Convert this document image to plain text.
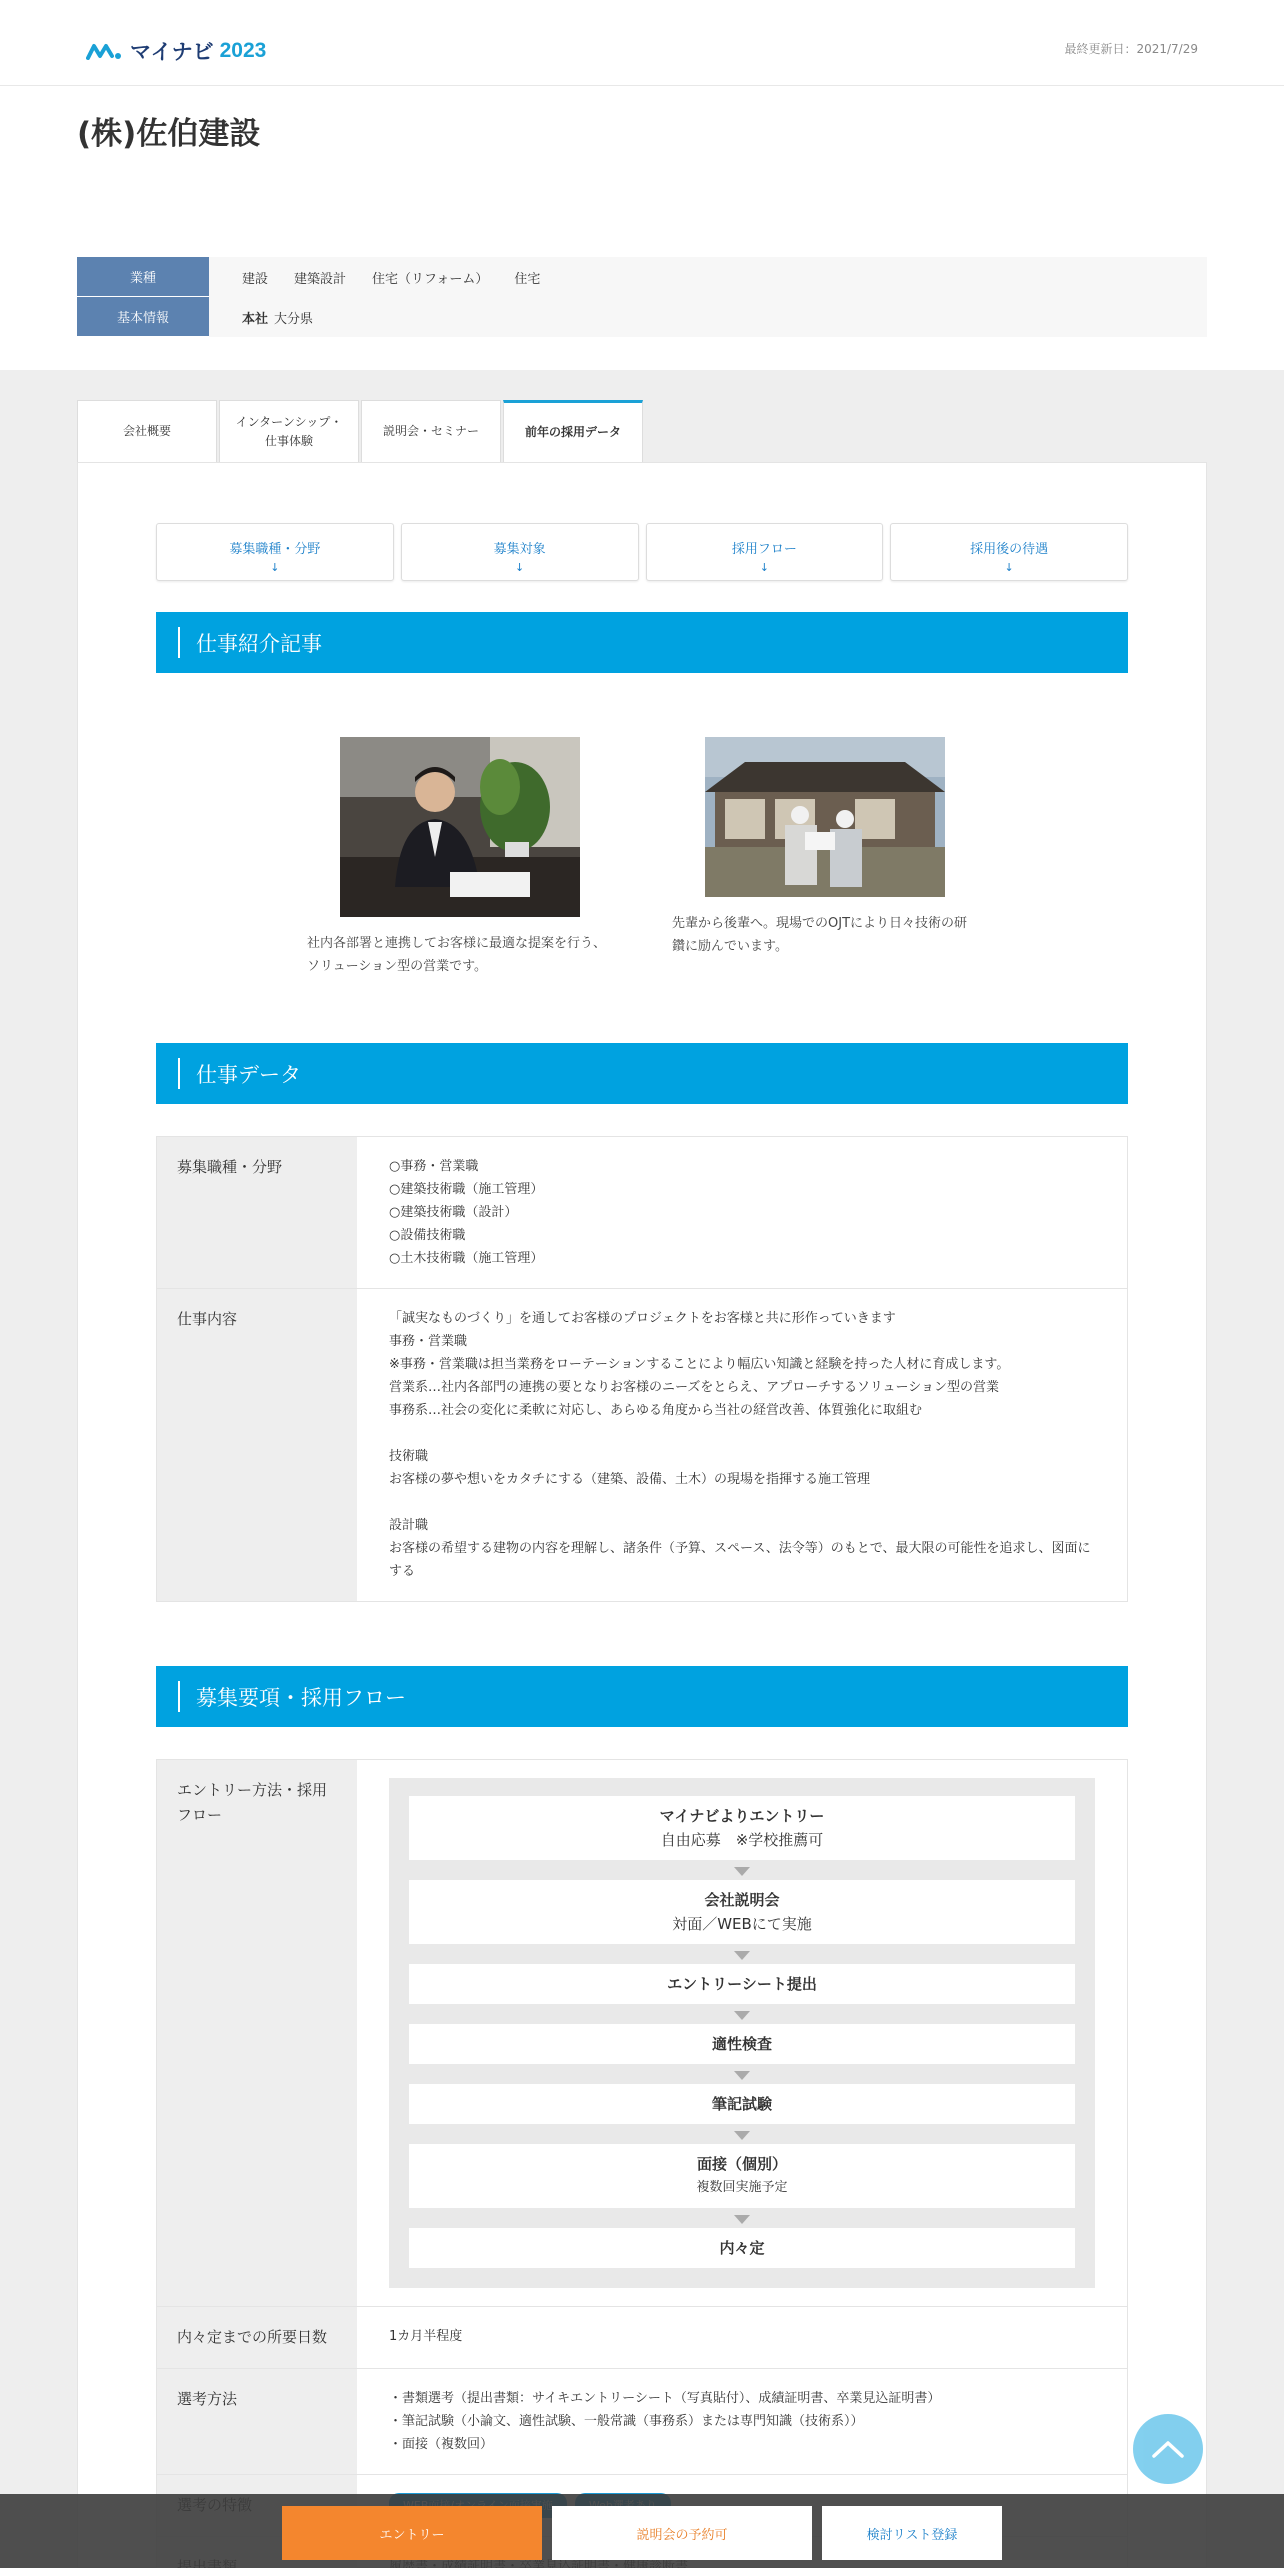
マイナビ 2023	最終更新日：2021/7/29
(株)佐伯建設
業種	建設 建築設計 住宅（リフォーム） 住宅
基本情報	本社 大分県
会社概要
インターンシップ・
仕事体験
説明会・セミナー	前年の採用データ
募集職種・分野
↓
募集対象
↓
採用フロー
↓
採用後の待遇
↓
仕事紹介記事
社内各部署と連携してお客様に最適な提案を行う、ソリューション型の営業です。
先輩から後輩へ。現場でのOJTにより日々技術の研鑽に励んでいます。
仕事データ
募集職種・分野	○事務・営業職
○建築技術職（施工管理）
○建築技術職（設計）
○設備技術職
○土木技術職（施工管理）
仕事内容	「誠実なものづくり」を通してお客様のプロジェクトをお客様と共に形作っていきます
事務・営業職
※事務・営業職は担当業務をローテーションすることにより幅広い知識と経験を持った人材に育成します。
営業系…社内各部門の連携の要となりお客様のニーズをとらえ、アプローチするソリューション型の営業
事務系…社会の変化に柔軟に対応し、あらゆる角度から当社の経営改善、体質強化に取組む
技術職
お客様の夢や想いをカタチにする（建築、設備、土木）の現場を指揮する施工管理
設計職
お客様の希望する建物の内容を理解し、諸条件（予算、スペース、法令等）のもとで、最大限の可能性を追求し、図面にする
募集要項・採用フロー
エントリー方法・採用フロー	マイナビよりエントリー
自由応募　※学校推薦可
会社説明会
対面／WEBにて実施
エントリーシート提出
適性検査
筆記試験
面接（個別）
複数回実施予定
内々定
内々定までの所要日数	1カ月半程度
選考方法	・書類選考（提出書類：サイキエントリーシート（写真貼付）、成績証明書、卒業見込証明書）
・筆記試験（小論文、適性試験、一般常識（事務系）または専門知識（技術系））
・面接（複数回）

エントリー	説明会の予約可	検討リスト登録
